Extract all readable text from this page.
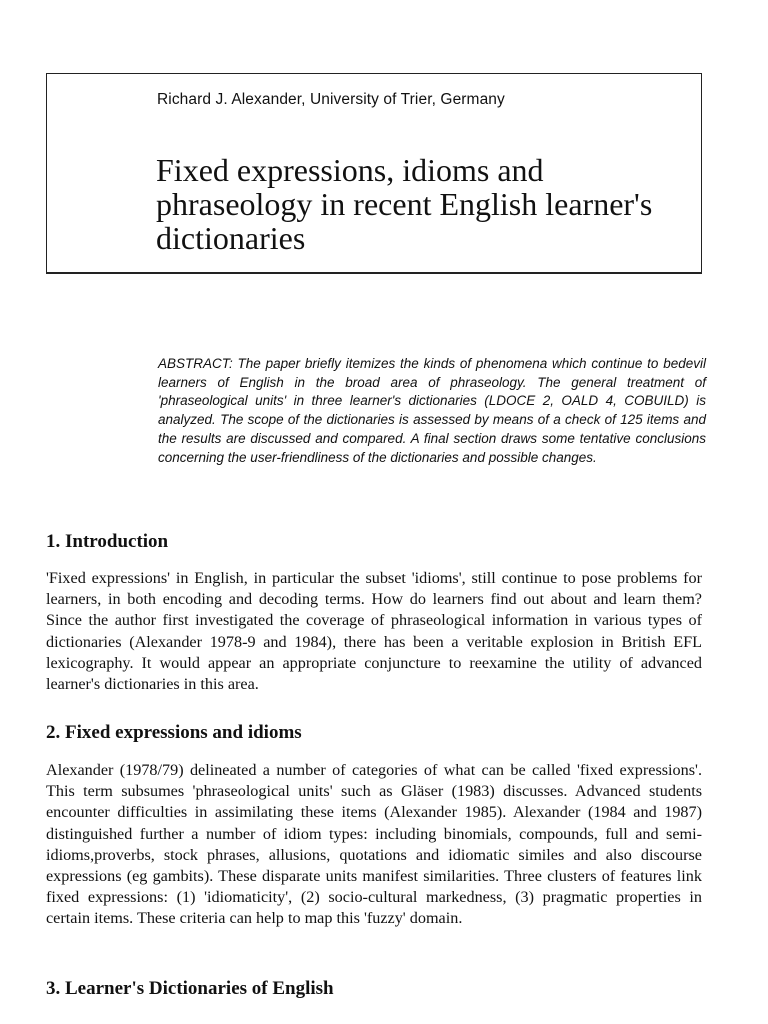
Richard J. Alexander, University of Trier, Germany
Fixed expressions, idioms and phraseology in recent English learner's dictionaries

ABSTRACT: The paper briefly itemizes the kinds of phenomena which continue to bedevil learners of English in the broad area of phraseology. The general treatment of 'phraseological units' in three learner's dictionaries (LDOCE 2, OALD 4, COBUILD) is analyzed. The scope of the dictionaries is assessed by means of a check of 125 items and the results are discussed and compared. A final section draws some tentative conclusions concerning the user-friendliness of the dictionaries and possible changes.

1. Introduction

'Fixed expressions' in English, in particular the subset 'idioms', still continue to pose problems for learners, in both encoding and decoding terms. How do learners find out about and learn them? Since the author first investigated the coverage of phraseological information in various types of dictionaries (Alexander 1978-9 and 1984), there has been a veritable explosion in British EFL lexicography. It would appear an appropriate conjuncture to reexamine the utility of advanced learner's dictionaries in this area.

2. Fixed expressions and idioms

Alexander (1978/79) delineated a number of categories of what can be called 'fixed expressions'. This term subsumes 'phraseological units' such as Gläser (1983) discusses. Advanced students encounter difficulties in assimilating these items (Alexander 1985). Alexander (1984 and 1987) distinguished further a number of idiom types: including binomials, compounds, full and semi-idioms,proverbs, stock phrases, allusions, quotations and idiomatic similes and also discourse expressions (eg gambits). These disparate units manifest similarities. Three clusters of features link fixed expressions: (1) 'idiomaticity', (2) socio-cultural markedness, (3) pragmatic properties in certain items. These criteria can help to map this 'fuzzy' domain.

3. Learner's Dictionaries of English
